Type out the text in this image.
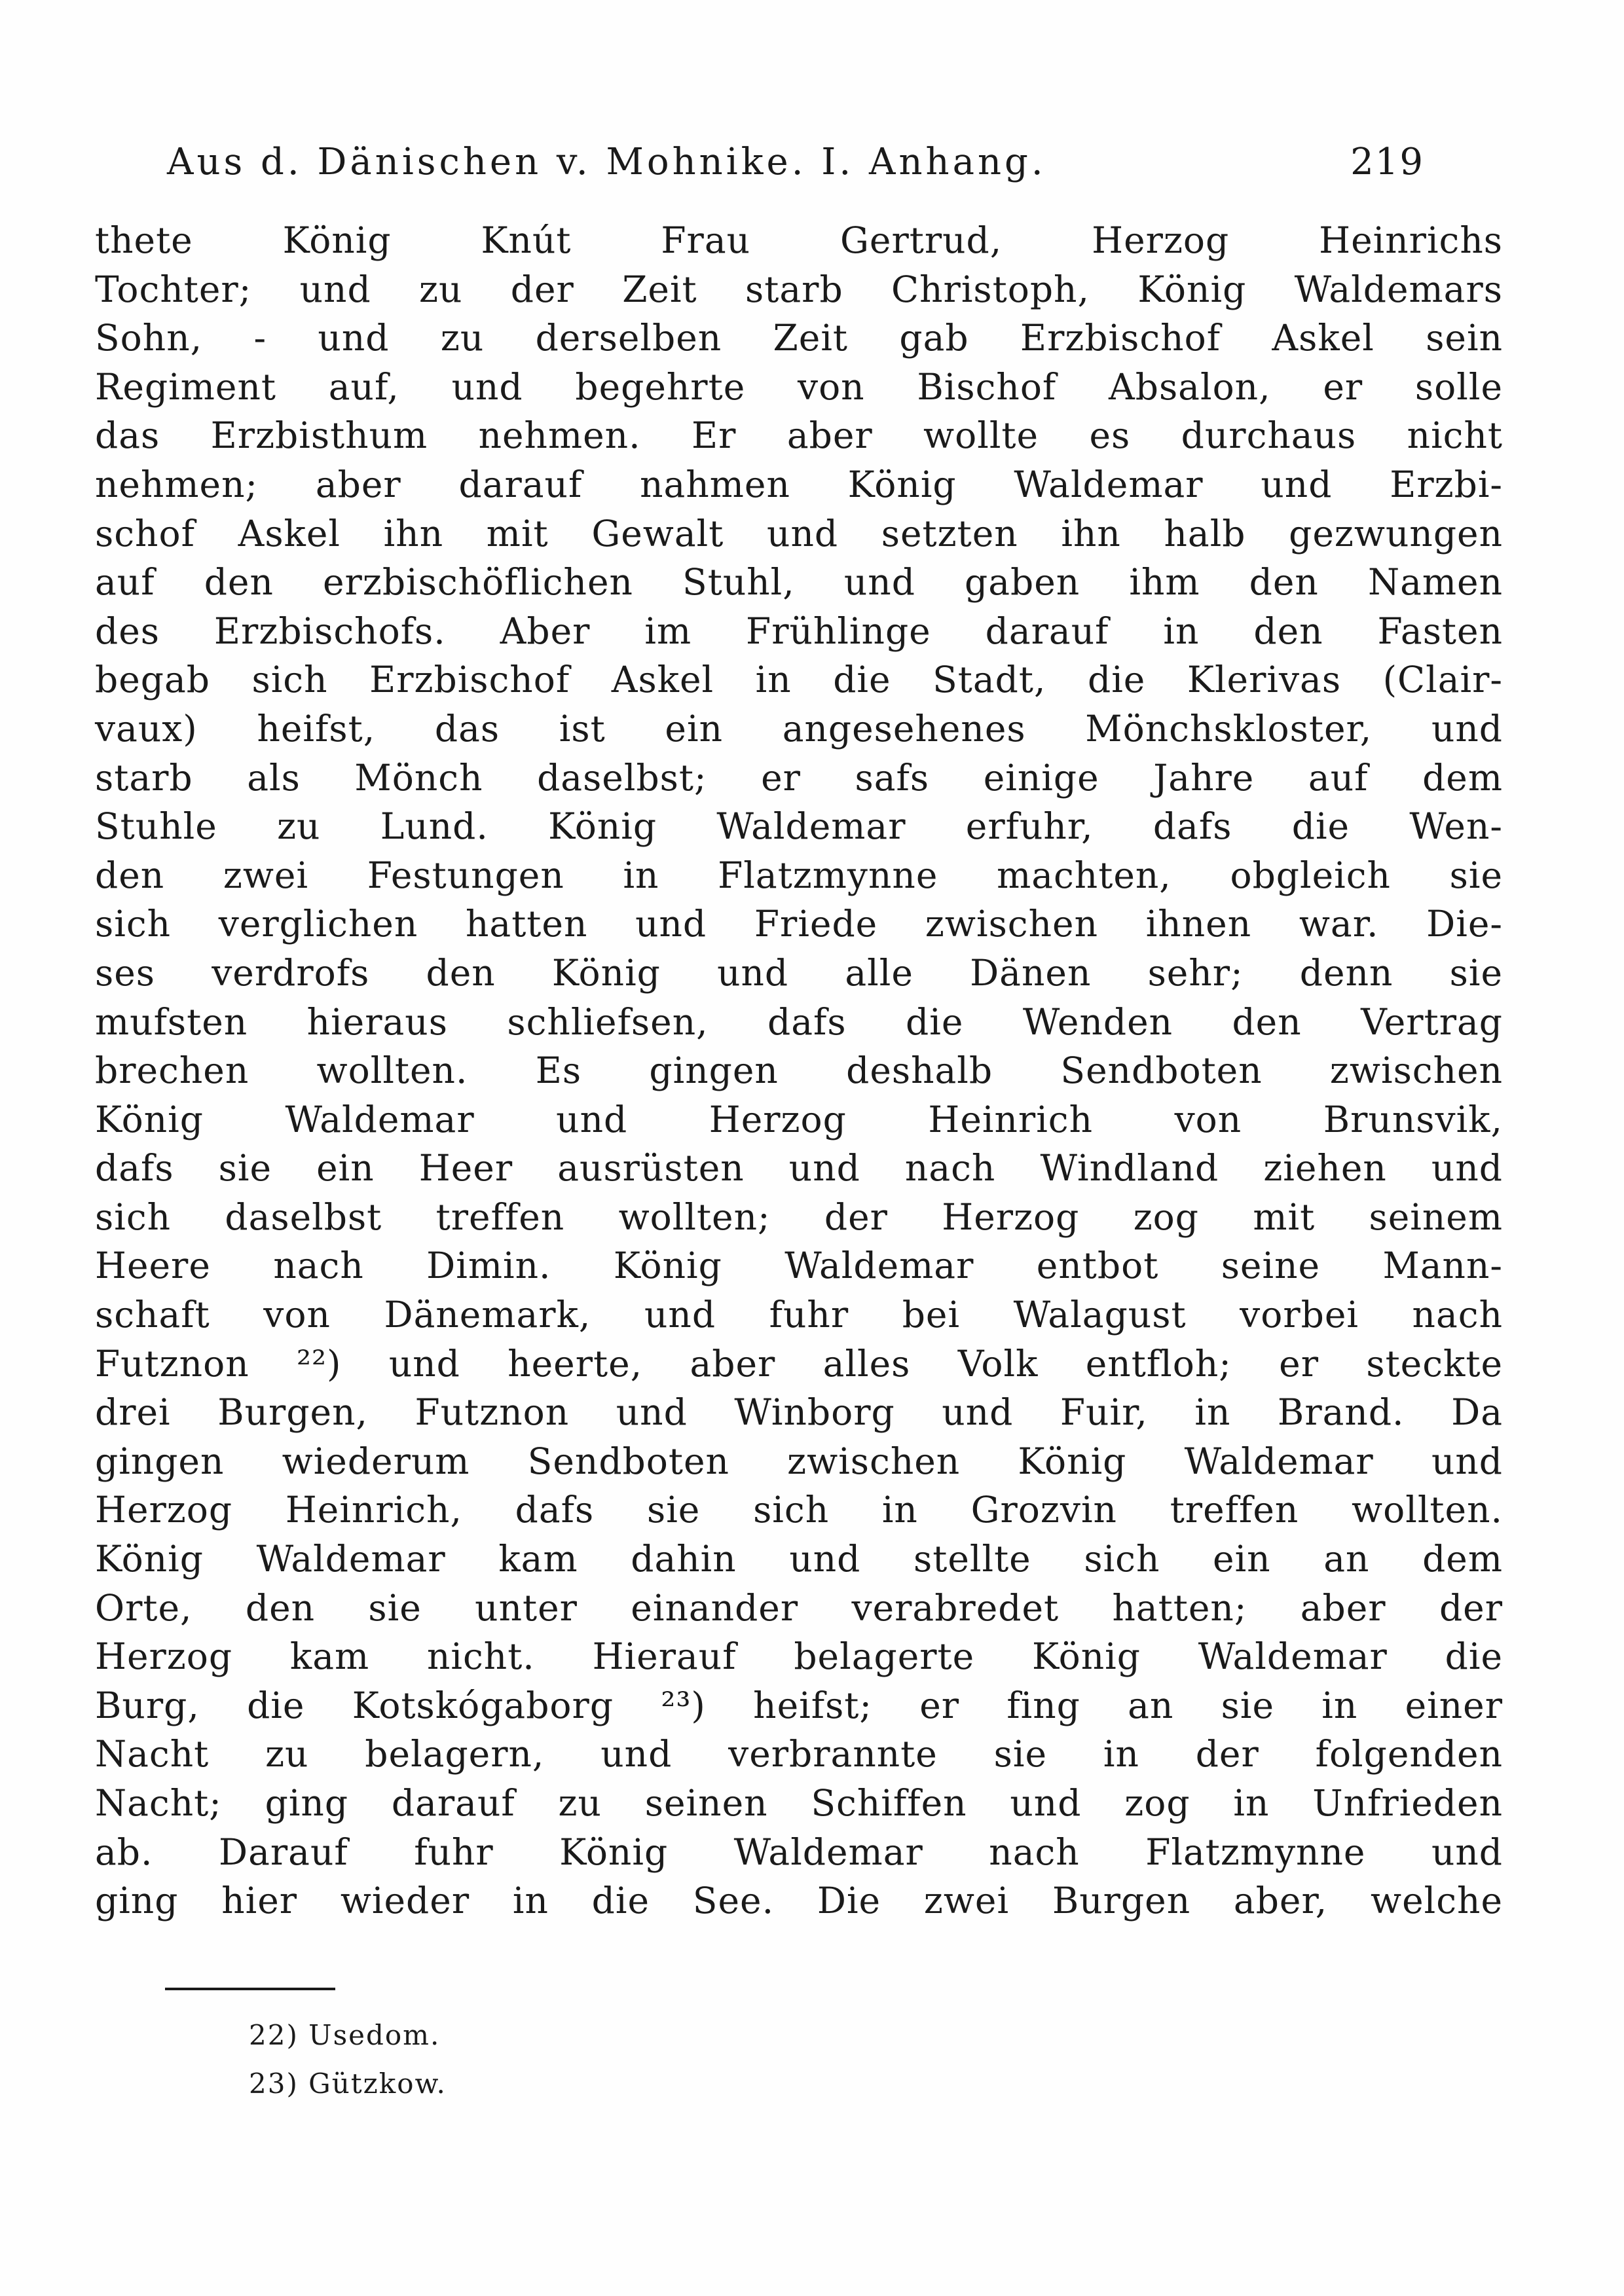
Aus d. Dänischen v. Mohnike. I. Anhang.	219
thete König Knút Frau Gertrud, Herzog Heinrichs
Tochter; und zu der Zeit starb Christoph, König Waldemars
Sohn, - und zu derselben Zeit gab Erzbischof Askel sein
Regiment auf, und begehrte von Bischof Absalon, er solle
das Erzbisthum nehmen. Er aber wollte es durchaus nicht
nehmen; aber darauf nahmen König Waldemar und Erzbi-
schof Askel ihn mit Gewalt und setzten ihn halb gezwungen
auf den erzbischöflichen Stuhl, und gaben ihm den Namen
des Erzbischofs. Aber im Frühlinge darauf in den Fasten
begab sich Erzbischof Askel in die Stadt, die Klerivas (Clair-
vaux) heifst, das ist ein angesehenes Mönchskloster, und
starb als Mönch daselbst; er safs einige Jahre auf dem
Stuhle zu Lund. König Waldemar erfuhr, dafs die Wen-
den zwei Festungen in Flatzmynne machten, obgleich sie
sich verglichen hatten und Friede zwischen ihnen war. Die-
ses verdrofs den König und alle Dänen sehr; denn sie
mufsten hieraus schliefsen, dafs die Wenden den Vertrag
brechen wollten. Es gingen deshalb Sendboten zwischen
König Waldemar und Herzog Heinrich von Brunsvik,
dafs sie ein Heer ausrüsten und nach Windland ziehen und
sich daselbst treffen wollten; der Herzog zog mit seinem
Heere nach Dimin. König Waldemar entbot seine Mann-
schaft von Dänemark, und fuhr bei Walagust vorbei nach
Futznon ²²) und heerte, aber alles Volk entfloh; er steckte
drei Burgen, Futznon und Winborg und Fuir, in Brand. Da
gingen wiederum Sendboten zwischen König Waldemar und
Herzog Heinrich, dafs sie sich in Grozvin treffen wollten.
König Waldemar kam dahin und stellte sich ein an dem
Orte, den sie unter einander verabredet hatten; aber der
Herzog kam nicht. Hierauf belagerte König Waldemar die
Burg, die Kotskógaborg ²³) heifst; er fing an sie in einer
Nacht zu belagern, und verbrannte sie in der folgenden
Nacht; ging darauf zu seinen Schiffen und zog in Unfrieden
ab. Darauf fuhr König Waldemar nach Flatzmynne und
ging hier wieder in die See. Die zwei Burgen aber, welche
22) Usedom.
23) Gützkow.
